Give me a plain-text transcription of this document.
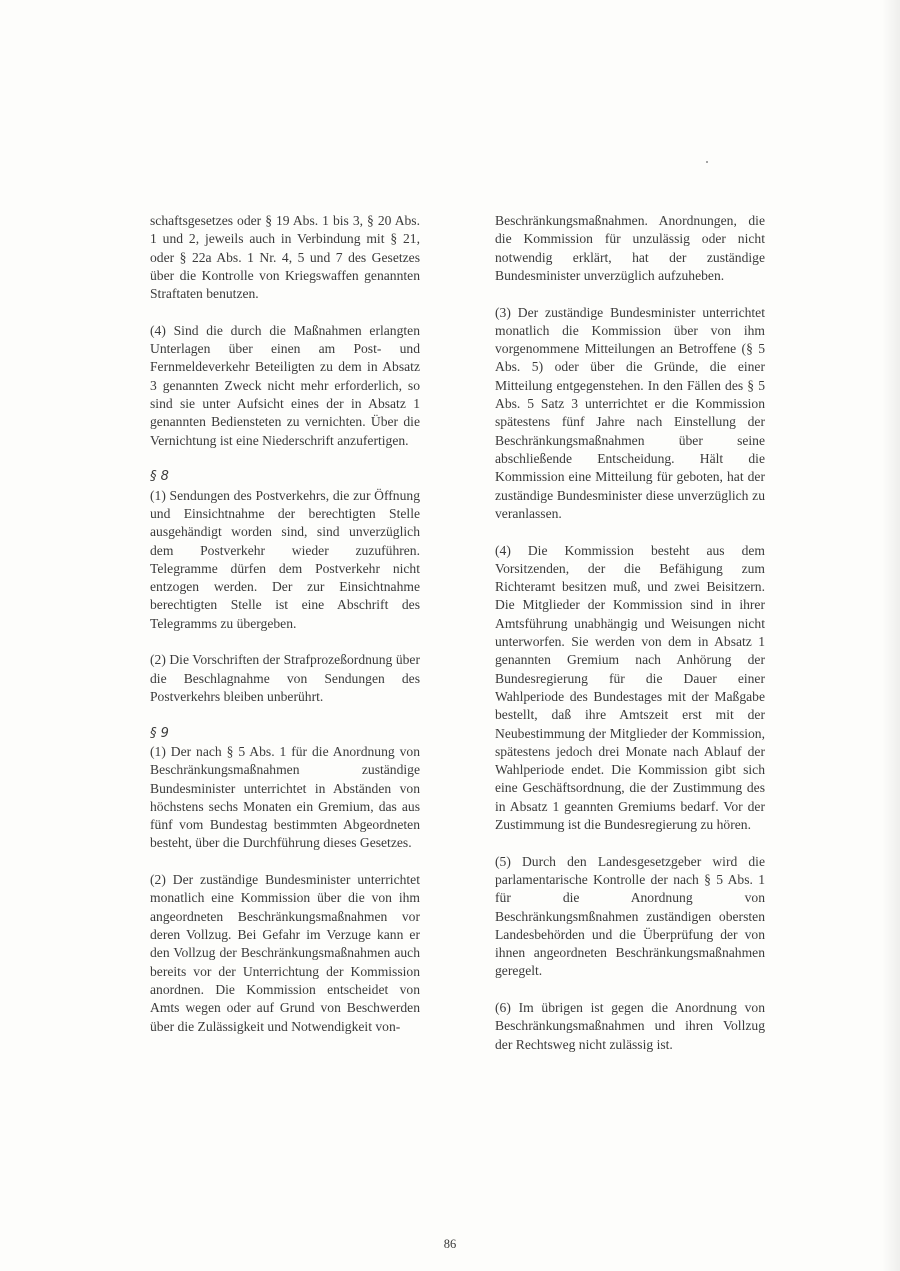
schaftsgesetzes oder § 19 Abs. 1 bis 3, § 20 Abs. 1 und 2, jeweils auch in Verbindung mit § 21, oder § 22a Abs. 1 Nr. 4, 5 und 7 des Gesetzes über die Kontrolle von Kriegswaffen genannten Straftaten benutzen.

(4) Sind die durch die Maßnahmen erlangten Unterlagen über einen am Post- und Fernmeldeverkehr Beteiligten zu dem in Absatz 3 genannten Zweck nicht mehr erforderlich, so sind sie unter Aufsicht eines der in Absatz 1 genannten Bediensteten zu vernichten. Über die Vernichtung ist eine Niederschrift anzufertigen.

§ 8

(1) Sendungen des Postverkehrs, die zur Öffnung und Einsichtnahme der berechtigten Stelle ausgehändigt worden sind, sind unverzüglich dem Postverkehr wieder zuzuführen. Telegramme dürfen dem Postverkehr nicht entzogen werden. Der zur Einsichtnahme berechtigten Stelle ist eine Abschrift des Telegramms zu übergeben.

(2) Die Vorschriften der Strafprozeßordnung über die Beschlagnahme von Sendungen des Postverkehrs bleiben unberührt.

§ 9

(1) Der nach § 5 Abs. 1 für die Anordnung von Beschränkungsmaßnahmen zuständige Bundesminister unterrichtet in Abständen von höchstens sechs Monaten ein Gremium, das aus fünf vom Bundestag bestimmten Abgeordneten besteht, über die Durchführung dieses Gesetzes.

(2) Der zuständige Bundesminister unterrichtet monatlich eine Kommission über die von ihm angeordneten Beschränkungsmaßnahmen vor deren Vollzug. Bei Gefahr im Verzuge kann er den Vollzug der Beschränkungsmaßnahmen auch bereits vor der Unterrichtung der Kommission anordnen. Die Kommission entscheidet von Amts wegen oder auf Grund von Beschwerden über die Zulässigkeit und Notwendigkeit von-

Beschränkungsmaßnahmen. Anordnungen, die die Kommission für unzulässig oder nicht notwendig erklärt, hat der zuständige Bundesminister unverzüglich aufzuheben.

(3) Der zuständige Bundesminister unterrichtet monatlich die Kommission über von ihm vorgenommene Mitteilungen an Betroffene (§ 5 Abs. 5) oder über die Gründe, die einer Mitteilung entgegenstehen. In den Fällen des § 5 Abs. 5 Satz 3 unterrichtet er die Kommission spätestens fünf Jahre nach Einstellung der Beschränkungsmaßnahmen über seine abschließende Entscheidung. Hält die Kommission eine Mitteilung für geboten, hat der zuständige Bundesminister diese unverzüglich zu veranlassen.

(4) Die Kommission besteht aus dem Vorsitzenden, der die Befähigung zum Richteramt besitzen muß, und zwei Beisitzern. Die Mitglieder der Kommission sind in ihrer Amtsführung unabhängig und Weisungen nicht unterworfen. Sie werden von dem in Absatz 1 genannten Gremium nach Anhörung der Bundesregierung für die Dauer einer Wahlperiode des Bundestages mit der Maßgabe bestellt, daß ihre Amtszeit erst mit der Neubestimmung der Mitglieder der Kommission, spätestens jedoch drei Monate nach Ablauf der Wahlperiode endet. Die Kommission gibt sich eine Geschäftsordnung, die der Zustimmung des in Absatz 1 geannten Gremiums bedarf. Vor der Zustimmung ist die Bundesregierung zu hören.

(5) Durch den Landesgesetzgeber wird die parlamentarische Kontrolle der nach § 5 Abs. 1 für die Anordnung von Beschränkungsmßnahmen zuständigen obersten Landesbehörden und die Überprüfung der von ihnen angeordneten Beschränkungsmaßnahmen geregelt.

(6) Im übrigen ist gegen die Anordnung von Beschränkungsmaßnahmen und ihren Vollzug der Rechtsweg nicht zulässig ist.

86
